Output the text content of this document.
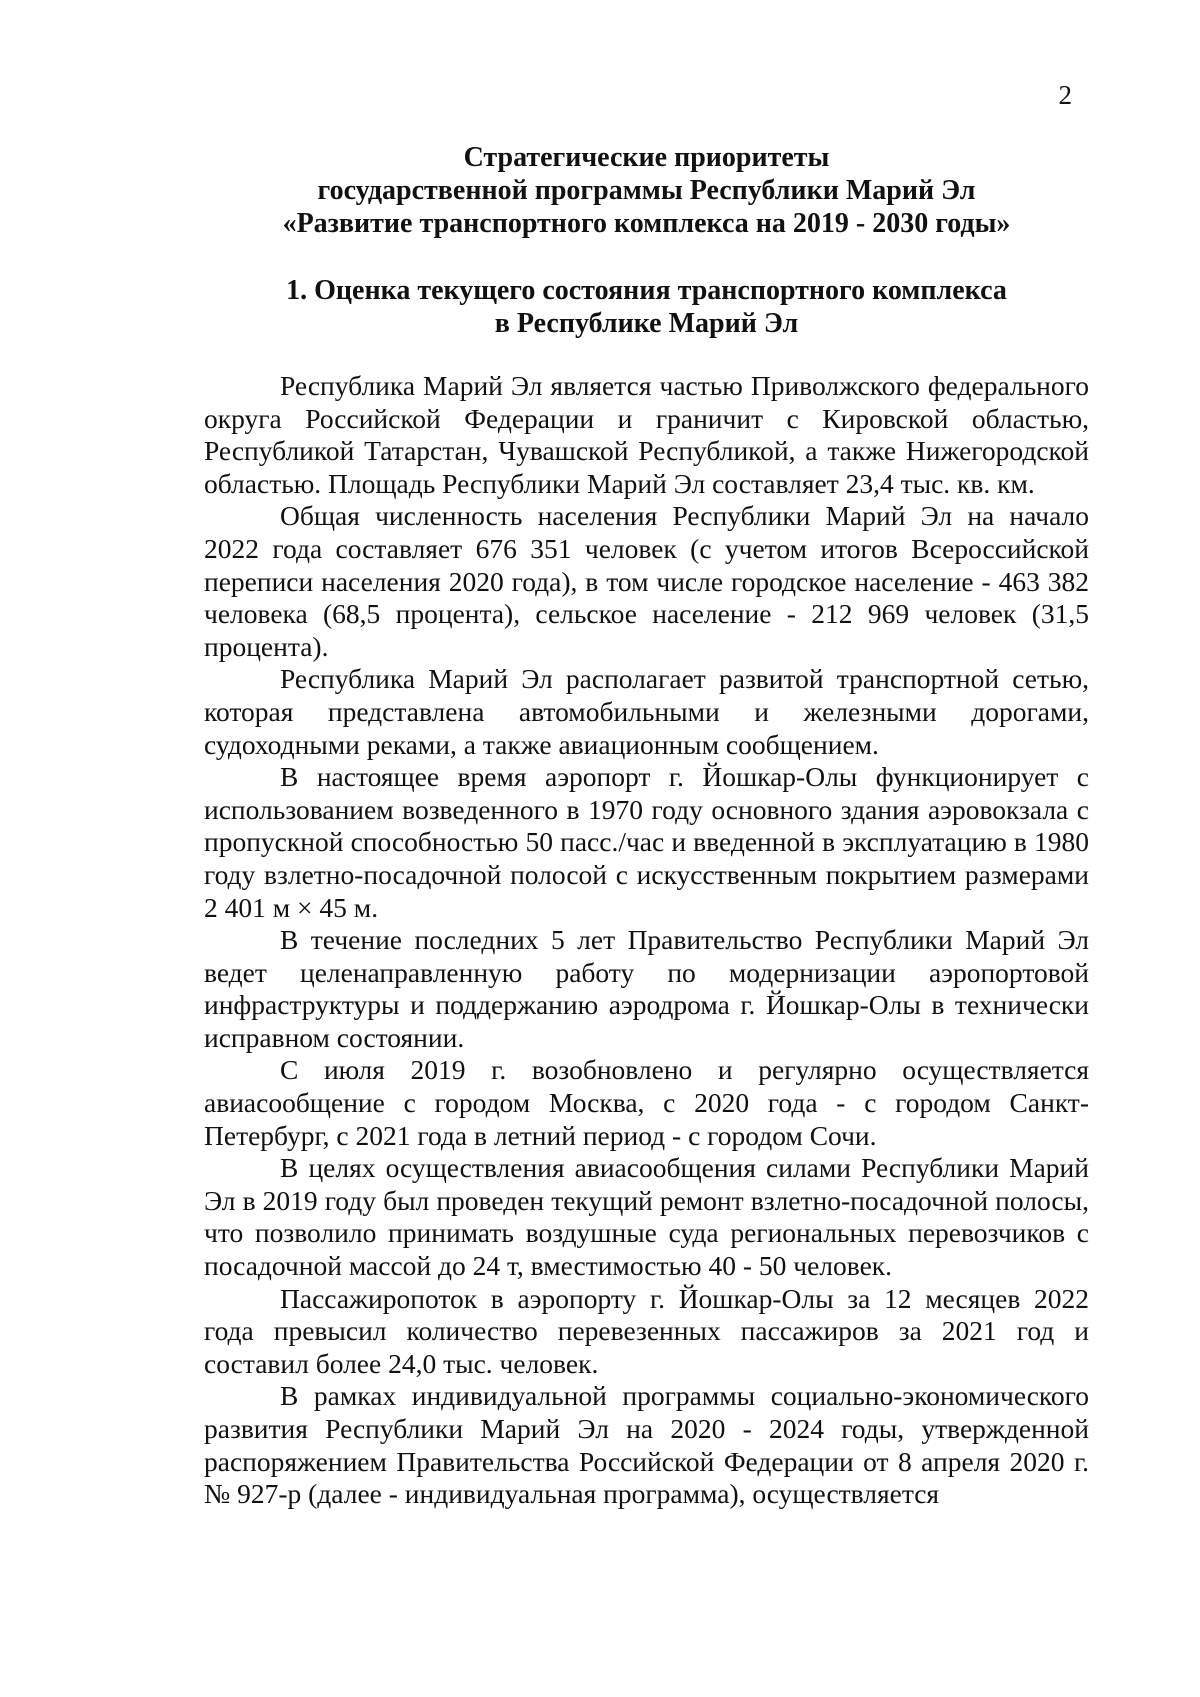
2
Стратегические приоритеты
государственной программы Республики Марий Эл
«Развитие транспортного комплекса на 2019 - 2030 годы»
1. Оценка текущего состояния транспортного комплекса
в Республике Марий Эл

Республика Марий Эл является частью Приволжского федерального округа Российской Федерации и граничит с Кировской областью, Республикой Татарстан, Чувашской Республикой, а также Нижегородской областью. Площадь Республики Марий Эл составляет 23,4 тыс. кв. км.

Общая численность населения Республики Марий Эл на начало 2022 года составляет 676 351 человек (с учетом итогов Всероссийской переписи населения 2020 года), в том числе городское население - 463 382 человека (68,5 процента), сельское население - 212 969 человек (31,5 процента).

Республика Марий Эл располагает развитой транспортной сетью, которая представлена автомобильными и железными дорогами, судоходными реками, а также авиационным сообщением.

В настоящее время аэропорт г. Йошкар-Олы функционирует с использованием возведенного в 1970 году основного здания аэровокзала с пропускной способностью 50 пасс./час и введенной в эксплуатацию в 1980 году взлетно-посадочной полосой с искусственным покрытием размерами 2 401 м × 45 м.

В течение последних 5 лет Правительство Республики Марий Эл ведет целенаправленную работу по модернизации аэропортовой инфраструктуры и поддержанию аэродрома г. Йошкар-Олы в технически исправном состоянии.

С июля 2019 г. возобновлено и регулярно осуществляется авиасообщение с городом Москва, с 2020 года - с городом Санкт-Петербург, с 2021 года в летний период - с городом Сочи.

В целях осуществления авиасообщения силами Республики Марий Эл в 2019 году был проведен текущий ремонт взлетно-посадочной полосы, что позволило принимать воздушные суда региональных перевозчиков с посадочной массой до 24 т, вместимостью 40 - 50 человек.

Пассажиропоток в аэропорту г. Йошкар-Олы за 12 месяцев 2022 года превысил количество перевезенных пассажиров за 2021 год и составил более 24,0 тыс. человек.

В рамках индивидуальной программы социально-экономического развития Республики Марий Эл на 2020 - 2024 годы, утвержденной распоряжением Правительства Российской Федерации от 8 апреля 2020 г. № 927-р (далее - индивидуальная программа), осуществляется
